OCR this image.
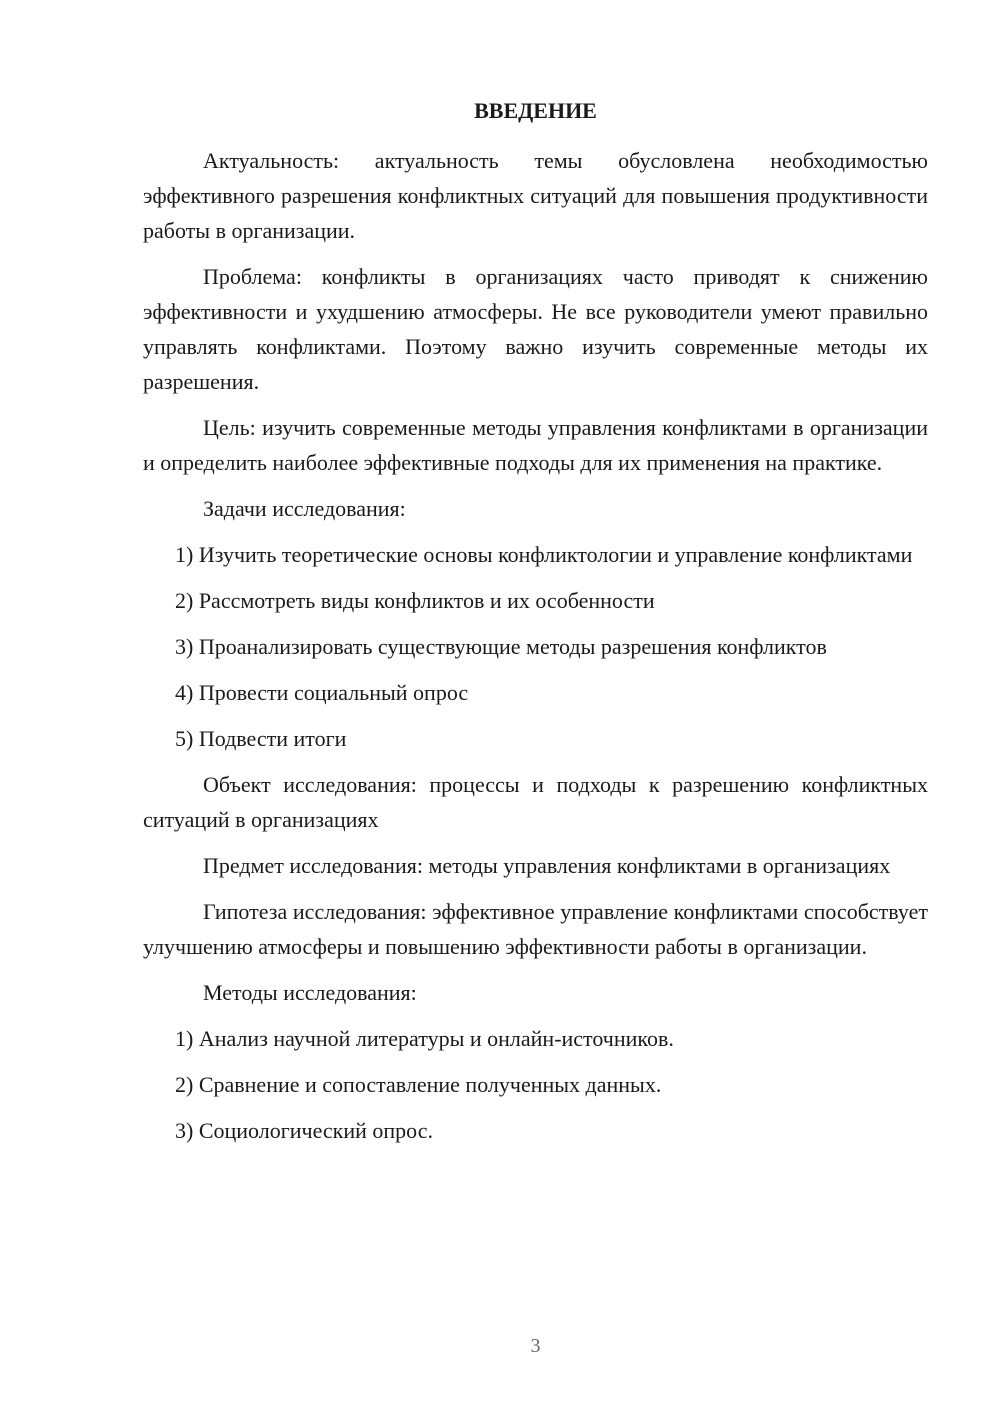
ВВЕДЕНИЕ

Актуальность: актуальность темы обусловлена необходимостью эффективного разрешения конфликтных ситуаций для повышения продуктивности работы в организации.

Проблема: конфликты в организациях часто приводят к снижению эффективности и ухудшению атмосферы. Не все руководители умеют правильно управлять конфликтами. Поэтому важно изучить современные методы их разрешения.

Цель: изучить современные методы управления конфликтами в организации и определить наиболее эффективные подходы для их применения на практике.

Задачи исследования:

1) Изучить теоретические основы конфликтологии и управление конфликтами

2) Рассмотреть виды конфликтов и их особенности

3) Проанализировать существующие методы разрешения конфликтов

4) Провести социальный опрос

5) Подвести итоги

Объект исследования: процессы и подходы к разрешению конфликтных ситуаций в организациях

Предмет исследования: методы управления конфликтами в организациях

Гипотеза исследования: эффективное управление конфликтами способствует улучшению атмосферы и повышению эффективности работы в организации.

Методы исследования:

1) Анализ научной литературы и онлайн-источников.

2) Сравнение и сопоставление полученных данных.

3) Социологический опрос.

3
